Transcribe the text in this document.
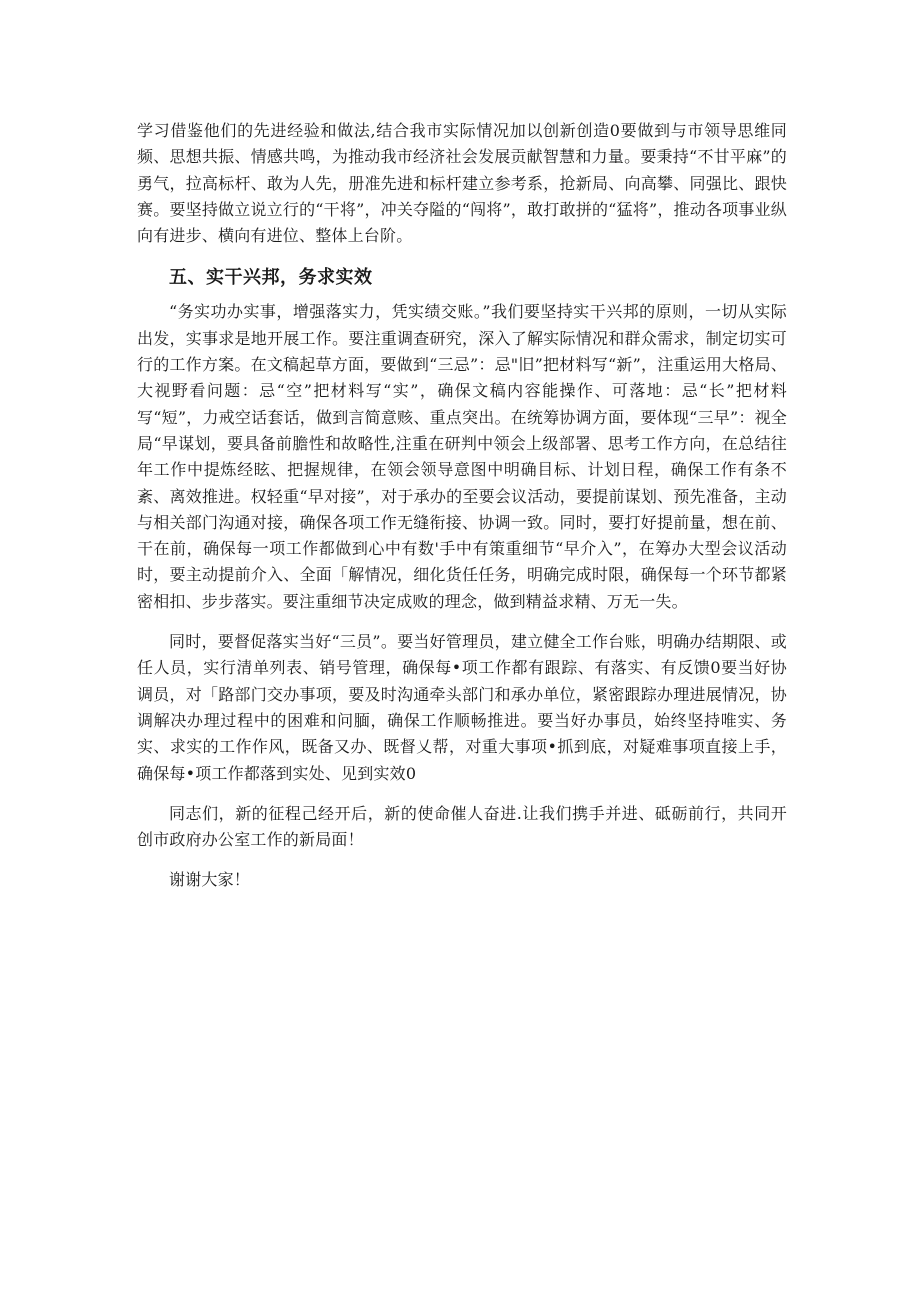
学习借鉴他们的先进经验和做法,结合我市实际情况加以创新创造0要做到与市领导思维同频、思想共振、情感共鸣，为推动我市经济社会发展贡献智慧和力量。要秉持“不甘平麻”的勇气，拉高标杆、敢为人先，册准先进和标杆建立参考系，抢新局、向高攀、同强比、跟快赛。要坚持做立说立行的“干将”，冲关夺隘的“闯将”，敢打敢拼的“猛将”，推动各项事业纵向有进步、横向有进位、整体上台阶。

五、实干兴邦，务求实效

“务实功办实事，增强落实力，凭实绩交账。”我们要坚持实干兴邦的原则，一切从实际出发，实事求是地开展工作。要注重调查研究，深入了解实际情况和群众需求，制定切实可行的工作方案。在文稿起草方面，要做到“三忌”：忌"旧”把材料写“新”，注重运用大格局、大视野看问题：忌“空”把材料写“实”，确保文稿内容能操作、可落地：忌“长”把材料写“短”，力戒空话套话，做到言简意赅、重点突出。在统筹协调方面，要体现“三早”：视全局“早谋划，要具备前膽性和故略性,注重在研判中领会上级部署、思考工作方向，在总结往年工作中提炼经眩、把握规律，在领会领导意图中明确目标、计划日程，确保工作有条不紊、离效推进。权轻重“早对接”，对于承办的至要会议活动，要提前谋划、预先准备，主动与相关部门沟通对接，确保各项工作无缝衔接、协调一致。同时，要打好提前量，想在前、干在前，确保每一项工作都做到心中有数'手中有策重细节“早介入”，在筹办大型会议活动时，要主动提前介入、全面「解情况，细化货任任务，明确完成时限，确保每一个环节都紧密相扣、步步落实。要注重细节决定成败的理念，做到精益求精、万无一失。

同时，要督促落实当好“三员”。要当好管理员，建立健全工作台账，明确办结期限、或任人员，实行清单列表、销号管理，确保每•项工作都有跟踪、有落实、有反馈0要当好协调员，对「路部门交办事项，要及时沟通牵头部门和承办单位，紧密跟踪办理进展情况，协调解决办理过程中的困难和问腼，确保工作顺畅推进。要当好办事员，始终坚持唯实、务实、求实的工作作风，既备又办、既督乂帮，对重大事项•抓到底，对疑难事项直接上手，确保每•项工作都落到实处、见到实效0

同志们，新的征程己经开后，新的使命催人奋进.让我们携手并进、砥砺前行，共同开创市政府办公室工作的新局面！

谢谢大家！
